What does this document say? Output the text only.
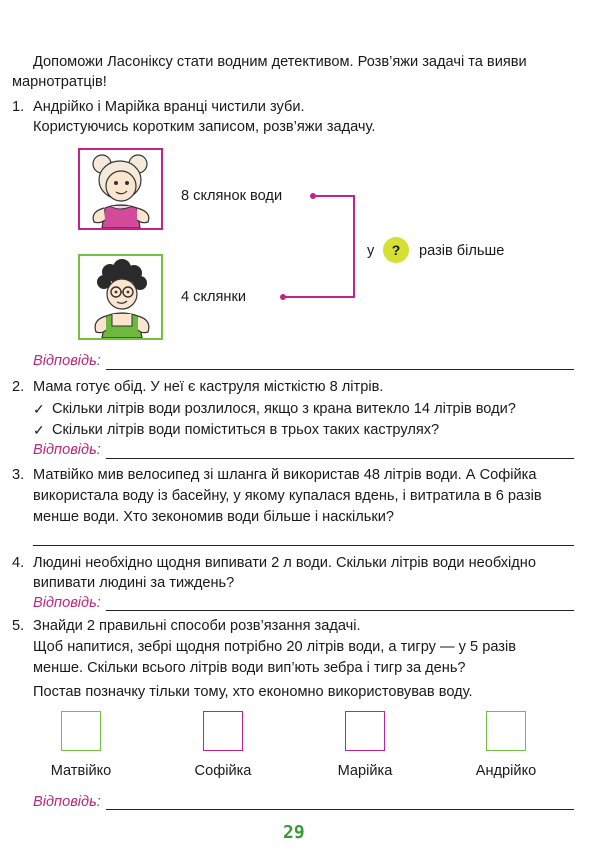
Допоможи Ласоніксу стати водним детективом. Розв’яжи задачі та вияви
марнотратців!
1. Андрійко і Марійка вранці чистили зуби.
Користуючись коротким записом, розв’яжи задачу.
8 склянок води
4 склянки
у	?	разів більше
Відповідь:
2. Мама готує обід. У неї є каструля місткістю 8 літрів.
✓ Скільки літрів води розлилося, якщо з крана витекло 14 літрів води?
✓ Скільки літрів води поміститься в трьох таких каструлях?
Відповідь:
3. Матвійко мив велосипед зі шланга й використав 48 літрів води. А Софійка
використала воду із басейну, у якому купалася вдень, і витратила в 6 разів
менше води. Хто зекономив води більше і наскільки?
4. Людині необхідно щодня випивати 2 л води. Скільки літрів води необхідно
випивати людині за тиждень?
Відповідь:
5. Знайди 2 правильні способи розв’язання задачі.
Щоб напитися, зебрі щодня потрібно 20 літрів води, а тигру — у 5 разів
менше. Скільки всього літрів води вип’ють зебра і тигр за день?
Постав позначку тільки тому, хто економно використовував воду.
Матвійко	Софійка	Марійка	Андрійко
Відповідь:
29
